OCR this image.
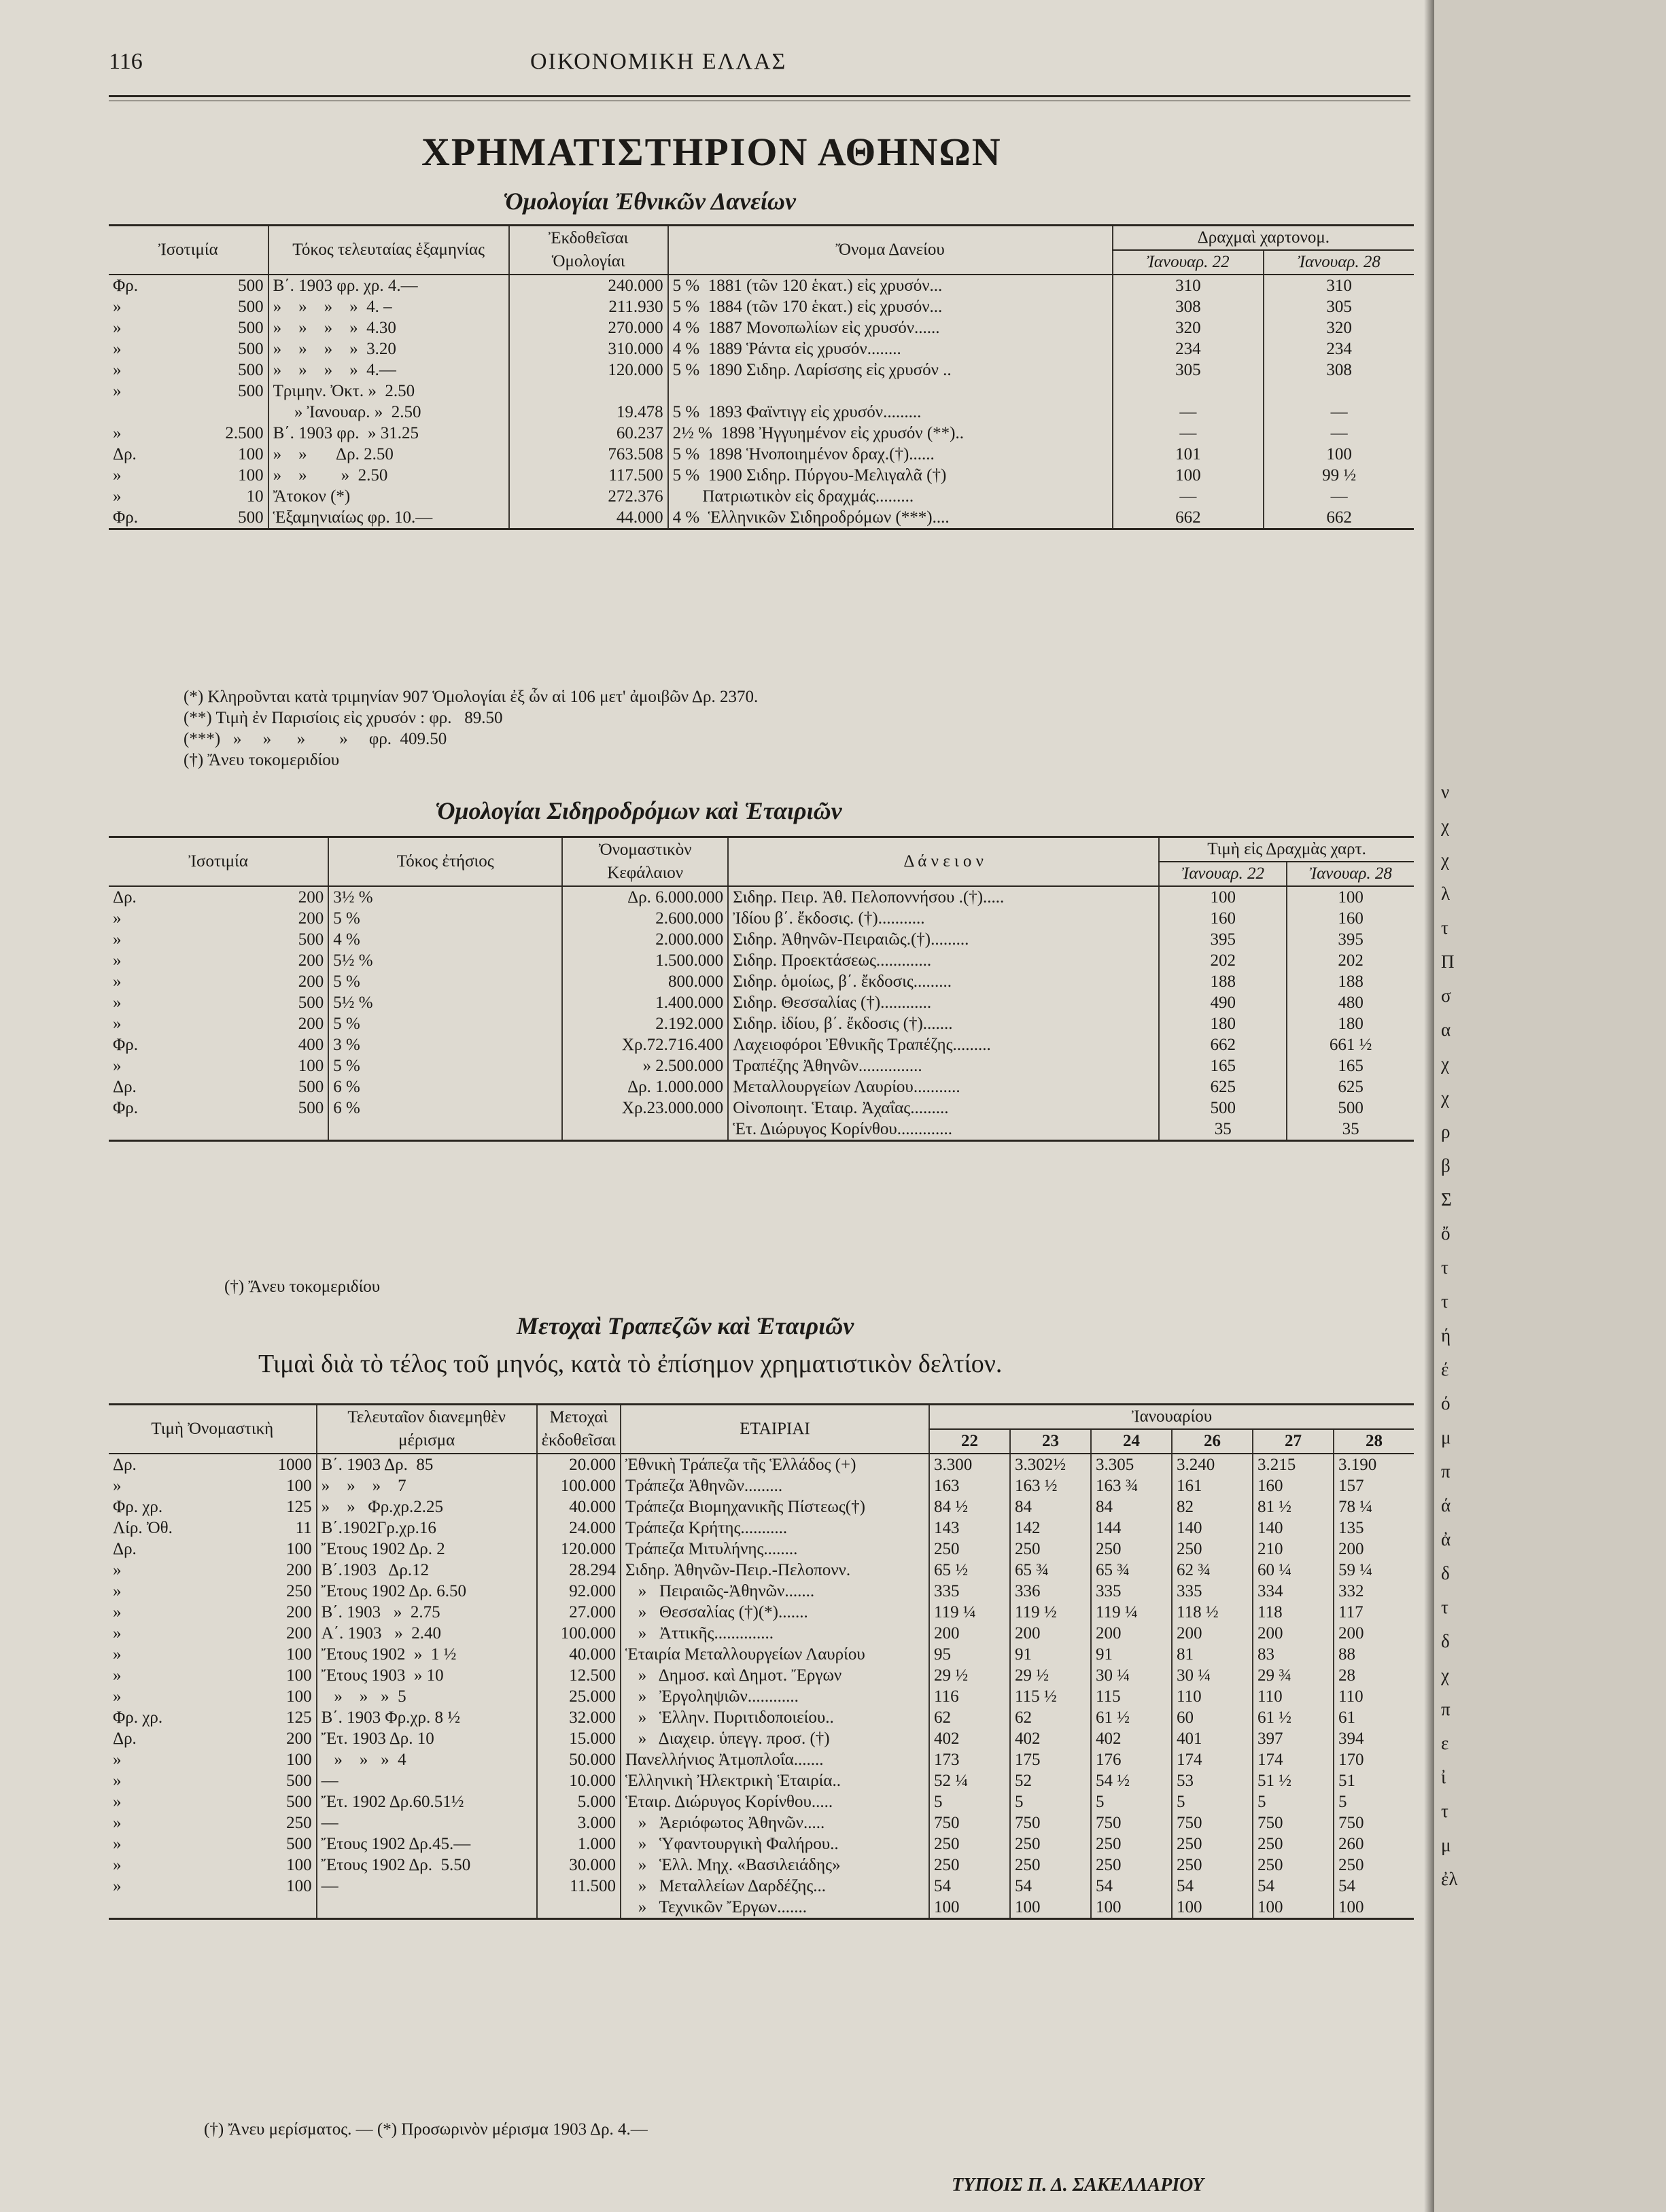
ν
χ
χ
λ
τ
Π
σ
α
χ
χ
ρ
β
Σ
ὄ
τ
τ
ή
έ
ό
μ
π
ά
ἀ
δ
τ
δ
χ
π
ε
ἰ
τ
μ
ἐλ
116	ΟΙΚΟΝΟΜΙΚΗ ΕΛΛΑΣ
ΧΡΗΜΑΤΙΣΤΗΡΙΟΝ ΑΘΗΝΩΝ
Ὁμολογίαι Ἐθνικῶν Δανείων
Ἰσοτιμία		Τόκος τελευταίας ἑξαμηνίας	Ἐκδοθεῖσαι Ὁμολογίαι	Ὄνομα Δανείου	Δραχμαὶ χαρτονομ.	
					Ἰανουαρ. 22	Ἰανουαρ. 28
Φρ.	500	Β΄. 1903 φρ. χρ. 4.—	240.000	5 %  1881 (τῶν 120 ἑκατ.) εἰς χρυσόν...	310	310
»	500	»    »    »    »  4. –	211.930	5 %  1884 (τῶν 170 ἑκατ.) εἰς χρυσόν...	308	305
»	500	»    »    »    »  4.30	270.000	4 %  1887 Μονοπωλίων εἰς χρυσόν......	320	320
»	500	»    »    »    »  3.20	310.000	4 %  1889 Ῥάντα εἰς χρυσόν........	234	234
»	500	»    »    »    »  4.—	120.000	5 %  1890 Σιδηρ. Λαρίσσης εἰς χρυσόν ..	305	308
»	500	Τριμην. Ὀκτ. »  2.50				
		» Ἰανουαρ. »  2.50	19.478	5 %  1893 Φαϊντιγγ εἰς χρυσόν.........	—	—
»	2.500	Β΄. 1903 φρ.  » 31.25	60.237	2½ %  1898 Ἠγγυημένον εἰς χρυσόν (**)..	—	—
Δρ.	100	»    »       Δρ. 2.50	763.508	5 %  1898 Ἡνοποιημένον δραχ.(†)......	101	100
»	100	»    »        »  2.50	117.500	5 %  1900 Σιδηρ. Πύργου-Μελιγαλᾶ (†)	100	99 ½
»	10	Ἄτοκον (*)	272.376	Πατριωτικὸν εἰς δραχμάς.........	—	—
Φρ.	500	Ἑξαμηνιαίως φρ. 10.—	44.000	4 %  Ἑλληνικῶν Σιδηροδρόμων (***)....	662	662
(*) Κληροῦνται κατὰ τριμηνίαν 907 Ὁμολογίαι ἐξ ὧν αἱ 106 μετ' ἀμοιβῶν Δρ. 2370.
(**) Τιμὴ ἐν Παρισίοις εἰς χρυσόν : φρ.   89.50
(***)   »     »      »        »     φρ.  409.50
(†) Ἄνευ τοκομεριδίου
Ὁμολογίαι Σιδηροδρόμων καὶ Ἑταιριῶν
Ἰσοτιμία		Τόκος ἐτήσιος	Ὀνομαστικὸν Κεφάλαιον	Δ ά ν ε ι ο ν	Τιμὴ εἰς Δραχμὰς χαρτ.	
					Ἰανουαρ. 22	Ἰανουαρ. 28
Δρ.	200	3½ %	Δρ. 6.000.000	Σιδηρ. Πειρ. Ἀθ. Πελοποννήσου .(†).....	100	100
»	200	5 %	2.600.000	Ἰδίου β΄. ἔκδοσις. (†)...........	160	160
»	500	4 %	2.000.000	Σιδηρ. Ἀθηνῶν-Πειραιῶς.(†).........	395	395
»	200	5½ %	1.500.000	Σιδηρ. Προεκτάσεως.............	202	202
»	200	5 %	800.000	Σιδηρ. ὁμοίως, β΄. ἔκδοσις.........	188	188
»	500	5½ %	1.400.000	Σιδηρ. Θεσσαλίας (†)............	490	480
»	200	5 %	2.192.000	Σιδηρ. ἰδίου, β΄. ἔκδοσις (†).......	180	180
Φρ.	400	3 %	Χρ.72.716.400	Λαχειοφόροι Ἐθνικῆς Τραπέζης.........	662	661 ½
»	100	5 %	» 2.500.000	Τραπέζης Ἀθηνῶν...............	165	165
Δρ.	500	6 %	Δρ. 1.000.000	Μεταλλουργείων Λαυρίου...........	625	625
Φρ.	500	6 %	Χρ.23.000.000	Οἰνοποιητ. Ἑταιρ. Ἀχαΐας.........	500	500
				Ἑτ. Διώρυγος Κορίνθου.............	35	35
(†) Ἄνευ τοκομεριδίου
Μετοχαὶ Τραπεζῶν καὶ Ἑταιριῶν
Τιμαὶ διὰ τὸ τέλος τοῦ μηνός, κατὰ τὸ ἐπίσημον χρηματιστικὸν δελτίον.
Τιμὴ Ὀνομαστικὴ		Τελευταῖον διανεμηθὲν μέρισμα	Μετοχαὶ ἐκδοθεῖσαι	ΕΤΑΙΡΙΑΙ	Ἰανουαρίου					
					22	23	24	26	27	28
Δρ.	1000	Β΄. 1903 Δρ.  85	20.000	Ἐθνικὴ Τράπεζα τῆς Ἑλλάδος (+)	3.300	3.302½	3.305	3.240	3.215	3.190
»	100	»    »    »    7	100.000	Τράπεζα Ἀθηνῶν.........	163	163 ½	163 ¾	161	160	157
Φρ. χρ.	125	»    »   Φρ.χρ.2.25	40.000	Τράπεζα Βιομηχανικῆς Πίστεως(†)	84 ½	84	84	82	81 ½	78 ¼
Λίρ. Ὀθ.	11	Β΄.1902Γρ.χρ.16	24.000	Τράπεζα Κρήτης...........	143	142	144	140	140	135
Δρ.	100	Ἔτους 1902 Δρ. 2	120.000	Τράπεζα Μιτυλήνης........	250	250	250	250	210	200
»	200	Β΄.1903   Δρ.12	28.294	Σιδηρ. Ἀθηνῶν-Πειρ.-Πελοπονν.	65 ½	65 ¾	65 ¾	62 ¾	60 ¼	59 ¼
»	250	Ἔτους 1902 Δρ. 6.50	92.000	»   Πειραιῶς-Ἀθηνῶν.......	335	336	335	335	334	332
»	200	Β΄. 1903   »  2.75	27.000	»   Θεσσαλίας (†)(*).......	119 ¼	119 ½	119 ¼	118 ½	118	117
»	200	Α΄. 1903   »  2.40	100.000	»   Ἀττικῆς..............	200	200	200	200	200	200
»	100	Ἔτους 1902  »  1 ½	40.000	Ἑταιρία Μεταλλουργείων Λαυρίου	95	91	91	81	83	88
»	100	Ἔτους 1903  » 10	12.500	»   Δημοσ. καὶ Δημοτ. Ἔργων	29 ½	29 ½	30 ¼	30 ¼	29 ¾	28
»	100	»    »   »  5	25.000	»   Ἐργοληψιῶν............	116	115 ½	115	110	110	110
Φρ. χρ.	125	Β΄. 1903 Φρ.χρ. 8 ½	32.000	»   Ἑλλην. Πυριτιδοποιείου..	62	62	61 ½	60	61 ½	61
Δρ.	200	Ἔτ. 1903 Δρ. 10	15.000	»   Διαχειρ. ὑπεγγ. προσ. (†)	402	402	402	401	397	394
»	100	»    »   »  4	50.000	Πανελλήνιος Ἀτμοπλοΐα.......	173	175	176	174	174	170
»	500	—	10.000	Ἑλληνικὴ Ἠλεκτρικὴ Ἑταιρία..	52 ¼	52	54 ½	53	51 ½	51
»	500	Ἔτ. 1902 Δρ.60.51½	5.000	Ἑταιρ. Διώρυγος Κορίνθου.....	5	5	5	5	5	5
»	250	—	3.000	»   Ἀεριόφωτος Ἀθηνῶν.....	750	750	750	750	750	750
»	500	Ἔτους 1902 Δρ.45.—	1.000	»   Ὑφαντουργικὴ Φαλήρου..	250	250	250	250	250	260
»	100	Ἔτους 1902 Δρ.  5.50	30.000	»   Ἑλλ. Μηχ. «Βασιλειάδης»	250	250	250	250	250	250
»	100	—	11.500	»   Μεταλλείων Δαρδέζης...	54	54	54	54	54	54
				»   Τεχνικῶν Ἔργων.......	100	100	100	100	100	100
(†) Ἄνευ μερίσματος. — (*) Προσωρινὸν μέρισμα 1903 Δρ. 4.—
ΤΥΠΟΙΣ Π. Δ. ΣΑΚΕΛΛΑΡΙΟΥ
